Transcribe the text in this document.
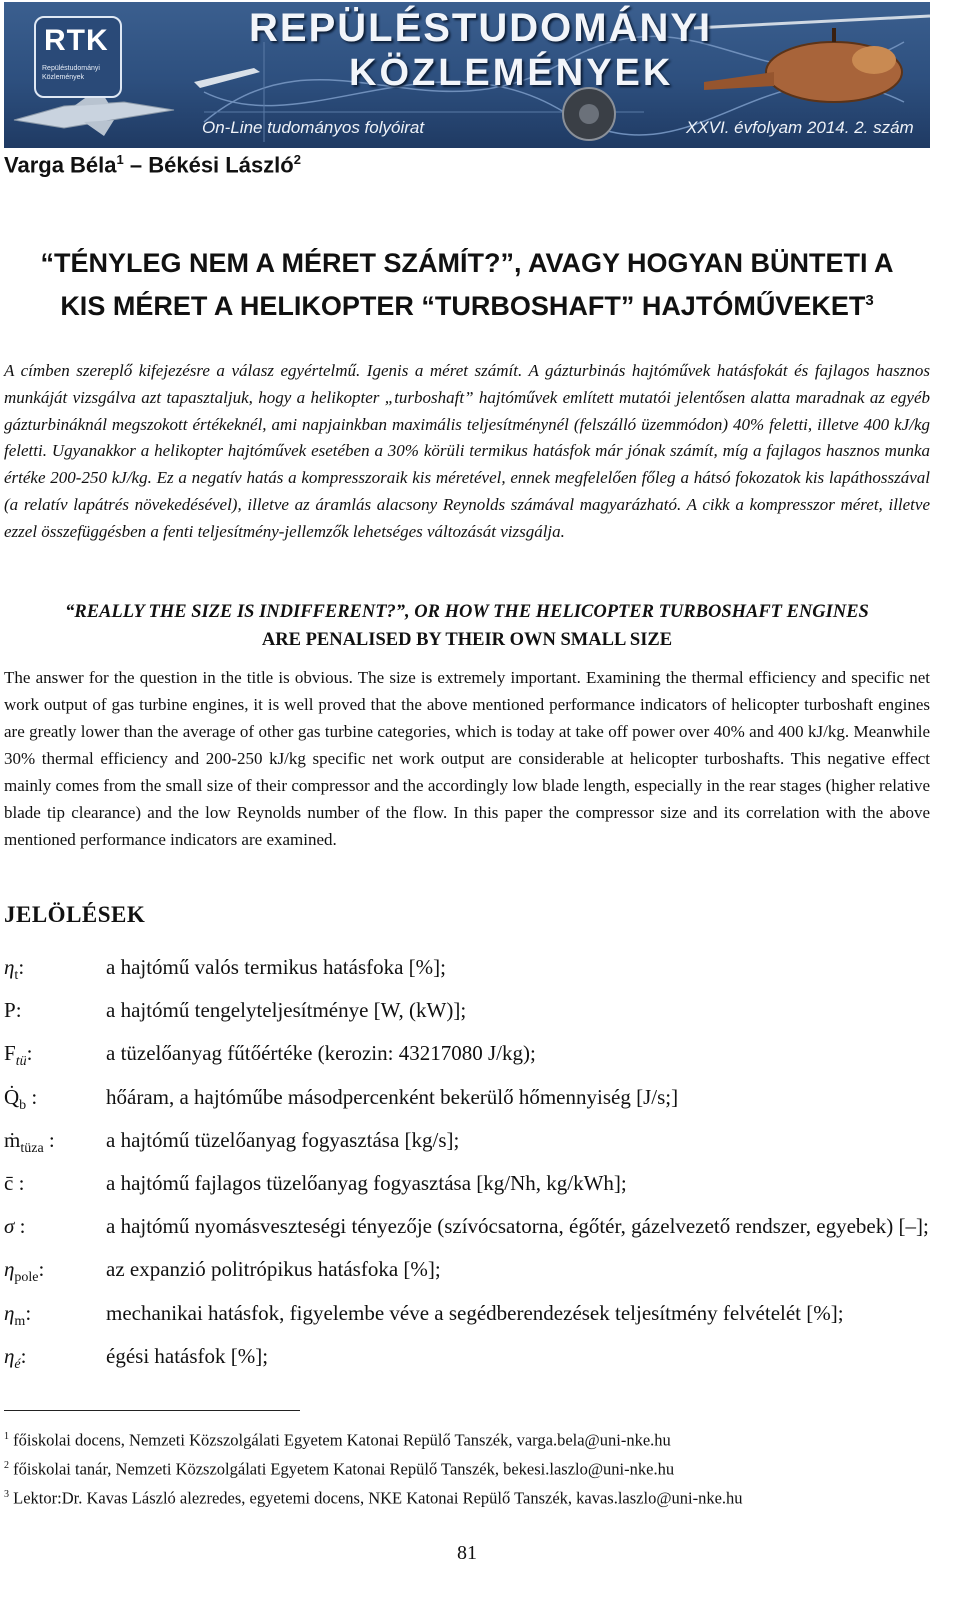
RTK
Repüléstudományi Közlemények
REPÜLÉSTUDOMÁNYI
KÖZLEMÉNYEK
On-Line tudományos folyóirat	XXVI. évfolyam 2014. 2. szám
Varga Béla$^1$ – Békési László$^2$
“TÉNYLEG NEM A MÉRET SZÁMÍT?”, AVAGY HOGYAN BÜNTETI A
KIS MÉRET A HELIKOPTER “TURBOSHAFT” HAJTÓMŰVEKET$^3$
A címben szereplő kifejezésre a válasz egyértelmű. Igenis a méret számít. A gázturbinás hajtóművek hatásfokát és fajlagos hasznos munkáját vizsgálva azt tapasztaljuk, hogy a helikopter „turboshaft” hajtóművek említett mutatói jelentősen alatta maradnak az egyéb gázturbináknál megszokott értékeknél, ami napjainkban maximális teljesítménynél (felszálló üzemmódon) 40% feletti, illetve 400 kJ/kg feletti. Ugyanakkor a helikopter hajtóművek esetében a 30% körüli termikus hatásfok már jónak számít, míg a fajlagos hasznos munka értéke 200-250 kJ/kg. Ez a negatív hatás a kompresszoraik kis méretével, ennek megfelelően főleg a hátsó fokozatok kis lapáthosszával (a relatív lapátrés növekedésével), illetve az áramlás alacsony Reynolds számával magyarázható. A cikk a kompresszor méret, illetve ezzel összefüggésben a fenti teljesítmény-jellemzők lehetséges változását vizsgálja.
“REALLY THE SIZE IS INDIFFERENT?”, OR HOW THE HELICOPTER TURBOSHAFT ENGINES
ARE PENALISED BY THEIR OWN SMALL SIZE
The answer for the question in the title is obvious. The size is extremely important. Examining the thermal efficiency and specific net work output of gas turbine engines, it is well proved that the above mentioned performance indicators of helicopter turboshaft engines are greatly lower than the average of other gas turbine categories, which is today at take off power over 40% and 400 kJ/kg. Meanwhile 30% thermal efficiency and 200-250 kJ/kg specific net work output are considerable at helicopter turboshafts. This negative effect mainly comes from the small size of their compressor and the accordingly low blade length, especially in the rear stages (higher relative blade tip clearance) and the low Reynolds number of the flow. In this paper the compressor size and its correlation with the above mentioned performance indicators are examined.
JELÖLÉSEK
$\eta_t$:	a hajtómű valós termikus hatásfoka [%];
P:	a hajtómű tengelyteljesítménye [W, (kW)];
$F_{tü}$:	a tüzelőanyag fűtőértéke (kerozin: 43217080 J/kg);
$Q̇_b$ :	hőáram, a hajtóműbe másodpercenként bekerülő hőmennyiség [J/s;]
ṁ$_{tüza}$ :	a hajtómű tüzelőanyag fogyasztása [kg/s];
c̄ :	a hajtómű fajlagos tüzelőanyag fogyasztása [kg/Nh, kg/kWh];
σ :	a hajtómű nyomásveszteségi tényezője (szívócsatorna, égőtér, gázelvezető rendszer, egyebek) [–];
$\eta_{pole}$:	az expanzió politrópikus hatásfoka [%];
$\eta_m$:	mechanikai hatásfok, figyelembe véve a segédberendezések teljesítmény felvételét [%];
$\eta_é$:	égési hatásfok [%];
$^1$ főiskolai docens, Nemzeti Közszolgálati Egyetem Katonai Repülő Tanszék, varga.bela@uni-nke.hu
$^2$ főiskolai tanár, Nemzeti Közszolgálati Egyetem Katonai Repülő Tanszék, bekesi.laszlo@uni-nke.hu
$^3$ Lektor:Dr. Kavas László alezredes, egyetemi docens, NKE Katonai Repülő Tanszék, kavas.laszlo@uni-nke.hu
81
